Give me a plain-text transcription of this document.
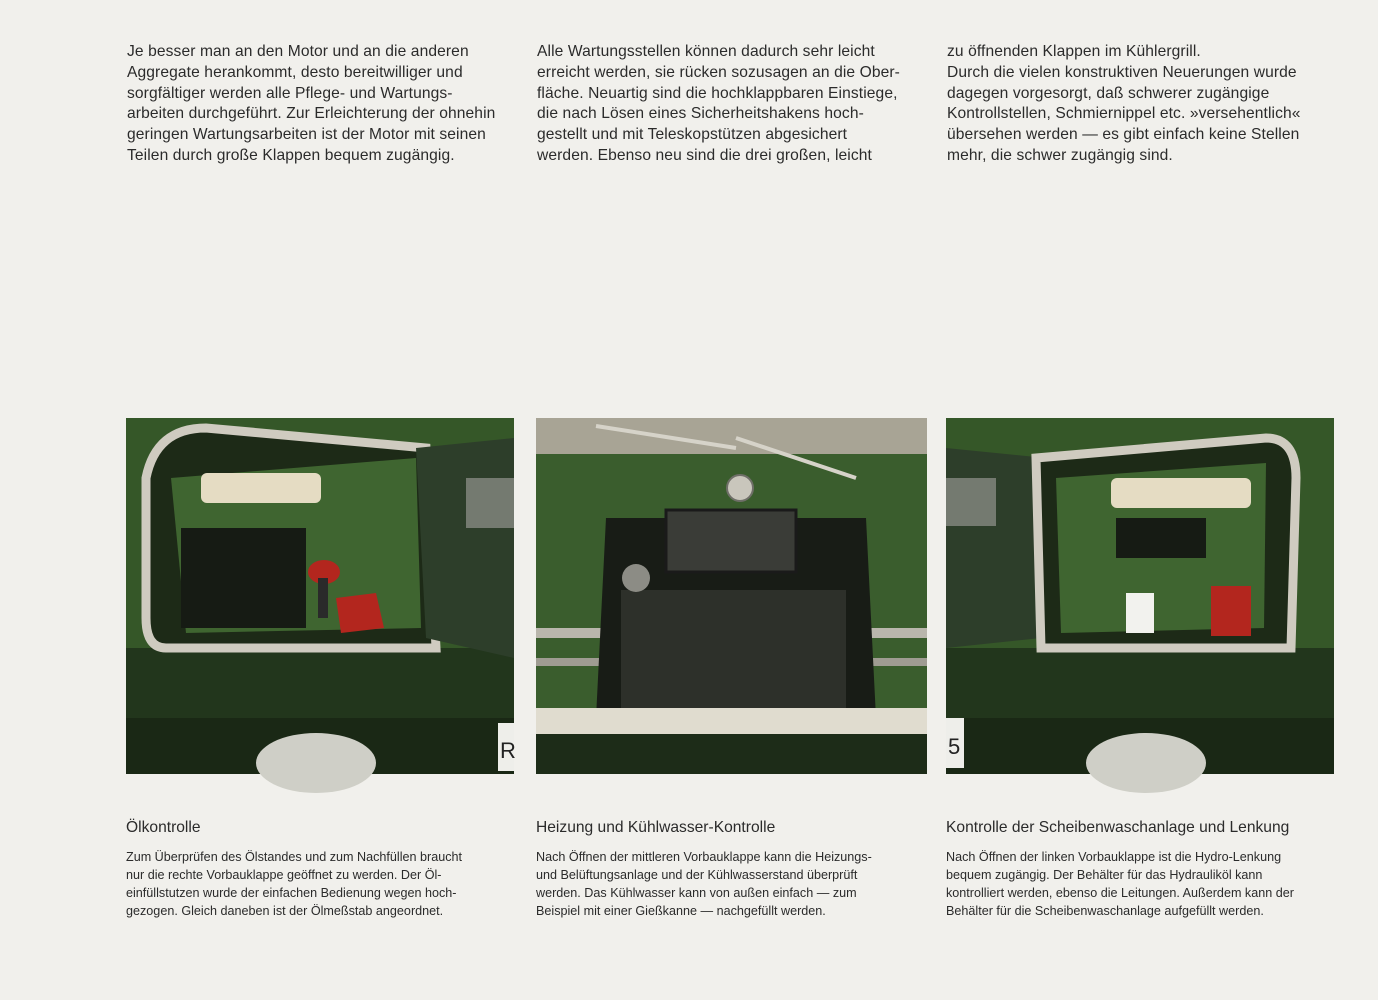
Je besser man an den Motor und an die anderen
Aggregate herankommt, desto bereitwilliger und
sorgfältiger werden alle Pflege- und Wartungs-
arbeiten durchgeführt. Zur Erleichterung der ohnehin
geringen Wartungsarbeiten ist der Motor mit seinen
Teilen durch große Klappen bequem zugängig.
Alle Wartungsstellen können dadurch sehr leicht
erreicht werden, sie rücken sozusagen an die Ober-
fläche. Neuartig sind die hochklappbaren Einstiege,
die nach Lösen eines Sicherheitshakens hoch-
gestellt und mit Teleskopstützen abgesichert
werden. Ebenso neu sind die drei großen, leicht
zu öffnenden Klappen im Kühlergrill.
Durch die vielen konstruktiven Neuerungen wurde
dagegen vorgesorgt, daß schwerer zugängige
Kontrollstellen, Schmiernippel etc. »versehentlich«
übersehen werden — es gibt einfach keine Stellen
mehr, die schwer zugängig sind.
R	5
Ölkontrolle
Zum Überprüfen des Ölstandes und zum Nachfüllen braucht
nur die rechte Vorbauklappe geöffnet zu werden. Der Öl-
einfüllstutzen wurde der einfachen Bedienung wegen hoch-
gezogen. Gleich daneben ist der Ölmeßstab angeordnet.
Heizung und Kühlwasser-Kontrolle
Nach Öffnen der mittleren Vorbauklappe kann die Heizungs-
und Belüftungsanlage und der Kühlwasserstand überprüft
werden. Das Kühlwasser kann von außen einfach — zum
Beispiel mit einer Gießkanne — nachgefüllt werden.
Kontrolle der Scheibenwaschanlage und Lenkung
Nach Öffnen der linken Vorbauklappe ist die Hydro-Lenkung
bequem zugängig. Der Behälter für das Hydrauliköl kann
kontrolliert werden, ebenso die Leitungen. Außerdem kann der
Behälter für die Scheibenwaschanlage aufgefüllt werden.
